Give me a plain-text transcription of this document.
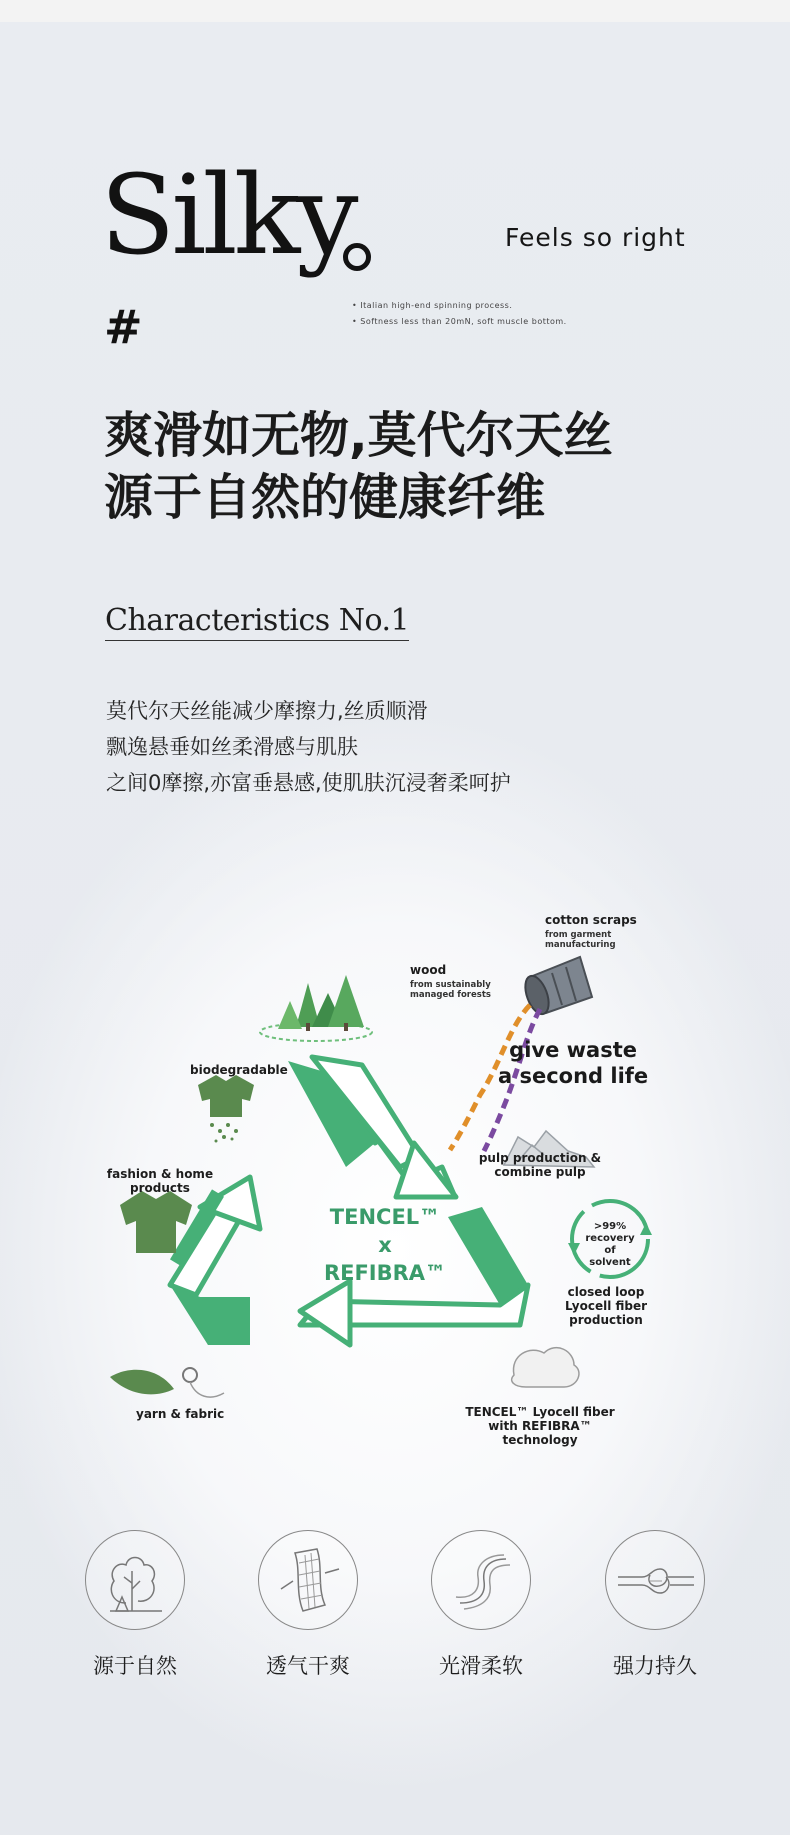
Silky
#
Feels so right
• Italian high-end spinning process.
• Softness less than 20mN, soft muscle bottom.
爽滑如无物,莫代尔天丝
源于自然的健康纤维
Characteristics No.1

莫代尔天丝能减少摩擦力,丝质顺滑

飘逸悬垂如丝柔滑感与肌肤

之间0摩擦,亦富垂悬感,使肌肤沉浸奢柔呵护

cotton scraps
from garment manufacturing
wood
from sustainably managed forests
give waste
a second life
biodegradable
pulp production & combine pulp
fashion & home products
TENCEL™
x
REFIBRA™
>99% recovery of solvent
closed loop Lyocell fiber production
yarn & fabric	TENCEL™ Lyocell fiber with REFIBRA™ technology
源于自然	透气干爽	光滑柔软	强力持久
